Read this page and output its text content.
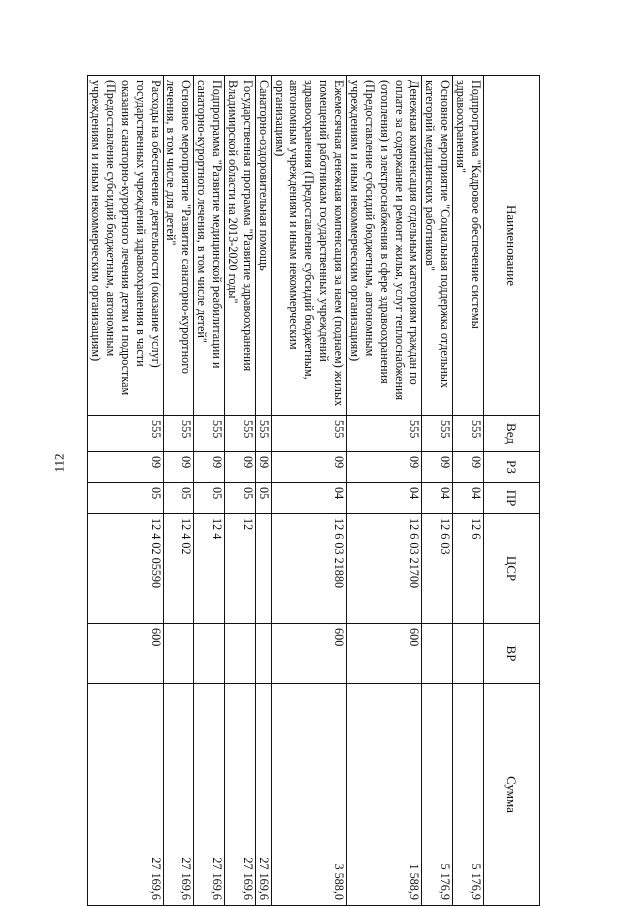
112
Наименование	Вед	РЗ	ПР	ЦСР	ВР	Сумма
Подпрограмма "Кадровое обеспечение системы здравоохранения"	555	09	04	12 6		5 176,9
Основное мероприятие "Социальная поддержка отдельных категорий медицинских работников"	555	09	04	12 6 03		5 176,9
Денежная компенсация отдельным категориям граждан по оплате за содержание и ремонт жилья, услуг теплоснабжения (отопления) и электроснабжения в сфере здравоохранения (Предоставление субсидий бюджетным, автономным учреждениям и иным некоммерческим организациям)	555	09	04	12 6 03 21700	600	1 588,9
Ежемесячная денежная компенсация за наем (поднаем) жилых помещений работникам государственных учреждений здравоохранения (Предоставление субсидий бюджетным, автономным учреждениям и иным некоммерческим организациям)	555	09	04	12 6 03 21880	600	3 588,0
Санаторно-оздоровительная помощь	555	09	05			27 169,6
Государственная программа "Развитие здравоохранения Владимирской области на 2013-2020 годы"	555	09	05	12		27 169,6
Подпрограмма "Развитие медицинской реабилитации и санаторно-курортного лечения, в том числе детей"	555	09	05	12 4		27 169,6
Основное мероприятие "Развитие санаторно-курортного лечения, в том числе для детей"	555	09	05	12 4 02		27 169,6
Расходы на обеспечение деятельности (оказание услуг) государственных учреждений здравоохранения в части оказания санаторно-курортного лечения детям и подросткам (Предоставление субсидий бюджетным, автономным учреждениям и иным некоммерческим организациям)	555	09	05	12 4 02 05590	600	27 169,6
